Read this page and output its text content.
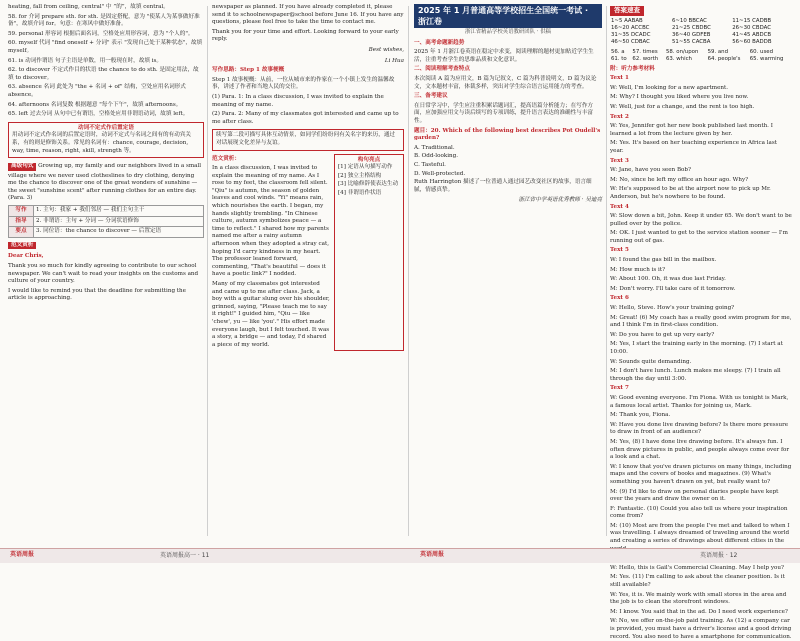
heating, fall from ceiling, central" 中 ”的”，故填 central。

58. for 介词 prepare sth. for sth. 是固定搭配，意为 "使某人为某事做好准备"，故填介词 for。句意：在寒风中做好准备。

59. personal 形容词 根据后面名词，空格处应用形容词，意为 "个人的"。

60. myself 代词 "find oneself + 分词" 表示 "发现自己处于某种状态"，故填 myself。

61. is 动词作谓语 句子主语是单数，用一般现在时，故填 is。

62. to discover 不定式作目的状语 the chance to do sth. 是固定用法，故填 to discover。

63. absence 名词 此处为 "the + 名词 + of" 结构，空处应用名词形式 absence。

64. afternoons 名词复数 根据题意 "每个下午"，故填 afternoons。

65. left 过去分词 从句中已有谓语，空格处应用非谓语动词，故填 left。

动词不定式作后置定语
用动词不定式作名词的后置定语时，动词不定式与名词之间有的有动宾关系，有的则是修饰关系。常见的名词有：chance, courage, decision, way, time, reason, right, skill, strength 等。

高级句式 Growing up, my family and our neighbors lived in a small village where we never used clotheslines to dry clothing, denying me the chance to discover one of the great wonders of sunshine — the sweet "sunshine scent" after running clothes for an entire day. (Para. 3)

写作	1. 主句：我家 + 我们邻居 — 我们主句主干
指导	2. 非谓语：主句 + 分词 — 分词状语修饰
要点	3. 同位语：the chance to discover — 后置定语

范文赏析

Dear Chris,

Thank you so much for kindly agreeing to contribute to our school newspaper. We can't wait to read your insights on the customs and culture of your country.

I would like to remind you that the deadline for submitting the article is approaching.

newspaper as planned. If you have already completed it, please send it to schoolnewspaper@school before June 16. If you have any questions, please feel free to take the time to contact me.

Thank you for your time and effort. Looking forward to your early reply.

Best wishes,
Li Hua

写作思路：Step 1 故事梗概

Step 1 故事梗概：从前，一位从城市来的作家在一个小镇上发生的温馨故事，讲述了作者和当地人民的交往。

(1) Para. 1: In a class discussion, I was invited to explain the meaning of my name.

(2) Para. 2: Many of my classmates got interested and came up to me after class.

续写第二段可描写具体互动情景，如同学们纷纷问有关名字的来历，通过对话展现文化差异与友谊。

范文赏析：

In a class discussion, I was invited to explain the meaning of my name. As I rose to my feet, the classroom fell silent. "Qiu" is autumn, the season of golden leaves and cool winds. "Yi" means rain, which nourishes the earth. I began, my hands slightly trembling. "In Chinese culture, autumn symbolizes peace — a time to reflect." I shared how my parents named me after a rainy autumn afternoon when they adopted a stray cat, hoping I'd carry kindness in my heart. The professor leaned forward, commenting, "That's beautiful — does it have a poetic link?" I nodded.

Many of my classmates got interested and came up to me after class. Jack, a boy with a guitar slung over his shoulder, grinned, saying, "Please teach me to say it right!" I guided him, "Qiu — like 'chew', yu — like 'you'." His effort made everyone laugh, but I felt touched. It was a story, a bridge — and today, I'd shared a piece of my world.

构句亮点

[1] 定语从句描写动作

[2] 独立主格结构

[3] 比喻修辞使表达生动

[4] 非谓语作状语

2025 年 1 月普通高等学校招生全国统一考试 · 浙江卷
浙江省精品学校英语教研团队 · 供稿

一、高考命题新趋势

2025 年 1 月浙江卷英语在稳定中求变，阅读理解的题材更加贴近学生生活，注重考查学生的思维品质和文化意识。

二、阅读理解考查特点

本次阅读 A 篇为应用文，B 篇为记叙文，C 篇为科普说明文，D 篇为议论文，文本题材丰富，体裁多样，突出对学生综合语言运用能力的考查。

三、备考建议

在日常学习中，学生应注重积累话题词汇，提高语篇分析能力；在写作方面，应加强应用文与读后续写的专项训练，提升语言表达的准确性与丰富性。

题目：20. Which of the following best describes Pot Oudell's garden?

A. Traditional.

B. Odd-looking.

C. Tasteful.

D. Well-protected.

Ruth Harrington 描述了一位普通人通过园艺改变社区的故事，语言细腻，情感真挚。

浙江省中学英语优秀教师 · 吴迪亮

答案速查
1~5 AABAB	6~10 BBCAC	11~15 CADBB
16~20 ACCBC	21~25 CBDBC	26~30 CBDAC
31~35 DCADC	36~40 GDFEB	41~45 ABDCB
46~50 CDBAC	51~55 CACBA	56~60 BADDB
56. a	57. times	58. on/upon	59. and	60. used
61. to	62. worth	63. which	64. people's	65. warming

附：听力参考材料

Text 1

W: Well, I'm looking for a new apartment.

M: Why? I thought you liked where you live now.

W: Well, just for a change, and the rent is too high.

Text 2

W: Yes, Jennifer got her new book published last month. I learned a lot from the lecture given by her.

M: Yes. It's based on her teaching experience in Africa last year.

Text 3

W: Jane, have you seen Bob?

M: No, since he left my office an hour ago. Why?

W: He's supposed to be at the airport now to pick up Mr. Anderson, but he's nowhere to be found.

Text 4

W: Slow down a bit, John. Keep it under 65. We don't want to be pulled over by the police.

M: OK. I just wanted to get to the service station sooner — I'm running out of gas.

Text 5

W: I found the gas bill in the mailbox.

M: How much is it?

W: About 100. Oh, it was due last Friday.

M: Don't worry. I'll take care of it tomorrow.

Text 6

W: Hello, Steve. How's your training going?

M: Great! (6) My coach has a really good swim program for me, and I think I'm in first-class condition.

W: Do you have to get up very early?

M: Yes, I start the training early in the morning. (7) I start at 10:00.

W: Sounds quite demanding.

M: I don't have lunch. Lunch makes me sleepy. (7) I train all through the day until 3:00.

Text 7

W: Good evening everyone. I'm Fiona. With us tonight is Mark, a famous local artist. Thanks for joining us, Mark.

M: Thank you, Fiona.

W: Have you done live drawing before? Is there more pressure to draw in front of an audience?

M: Yes, (8) I have done live drawing before. It's always fun. I often draw pictures in public, and people always come over for a look and a chat.

W: I know that you've drawn pictures on many things, including maps and the covers of books and magazines. (9) What's something you haven't drawn on yet, but really want to?

M: (9) I'd like to draw on personal diaries people have kept over the years and draw the owner on it.

F: Fantastic. (10) Could you also tell us where your inspiration come from?

M: (10) Most are from the people I've met and talked to when I was travelling. I always dreamed of traveling around the world and creating a series of drawings about different cities in the

W: Hello, this is Gail's Commercial Cleaning. May I help you?

M: Yes. (11) I'm calling to ask about the cleaner position. Is it still available?

W: Yes, it is. We mainly work with small stores in the area and the job is to clean the storefront windows.

M: I know. You said that in the ad. Do I need work experience?

W: No, we offer on-the-job paid training. As (12) a company car is provided, you must have a driver's license and a good driving record. You also need to have a smartphone for communication.

英语周报	英语周报高一 · 11	英语周报	英语周报 · 12
